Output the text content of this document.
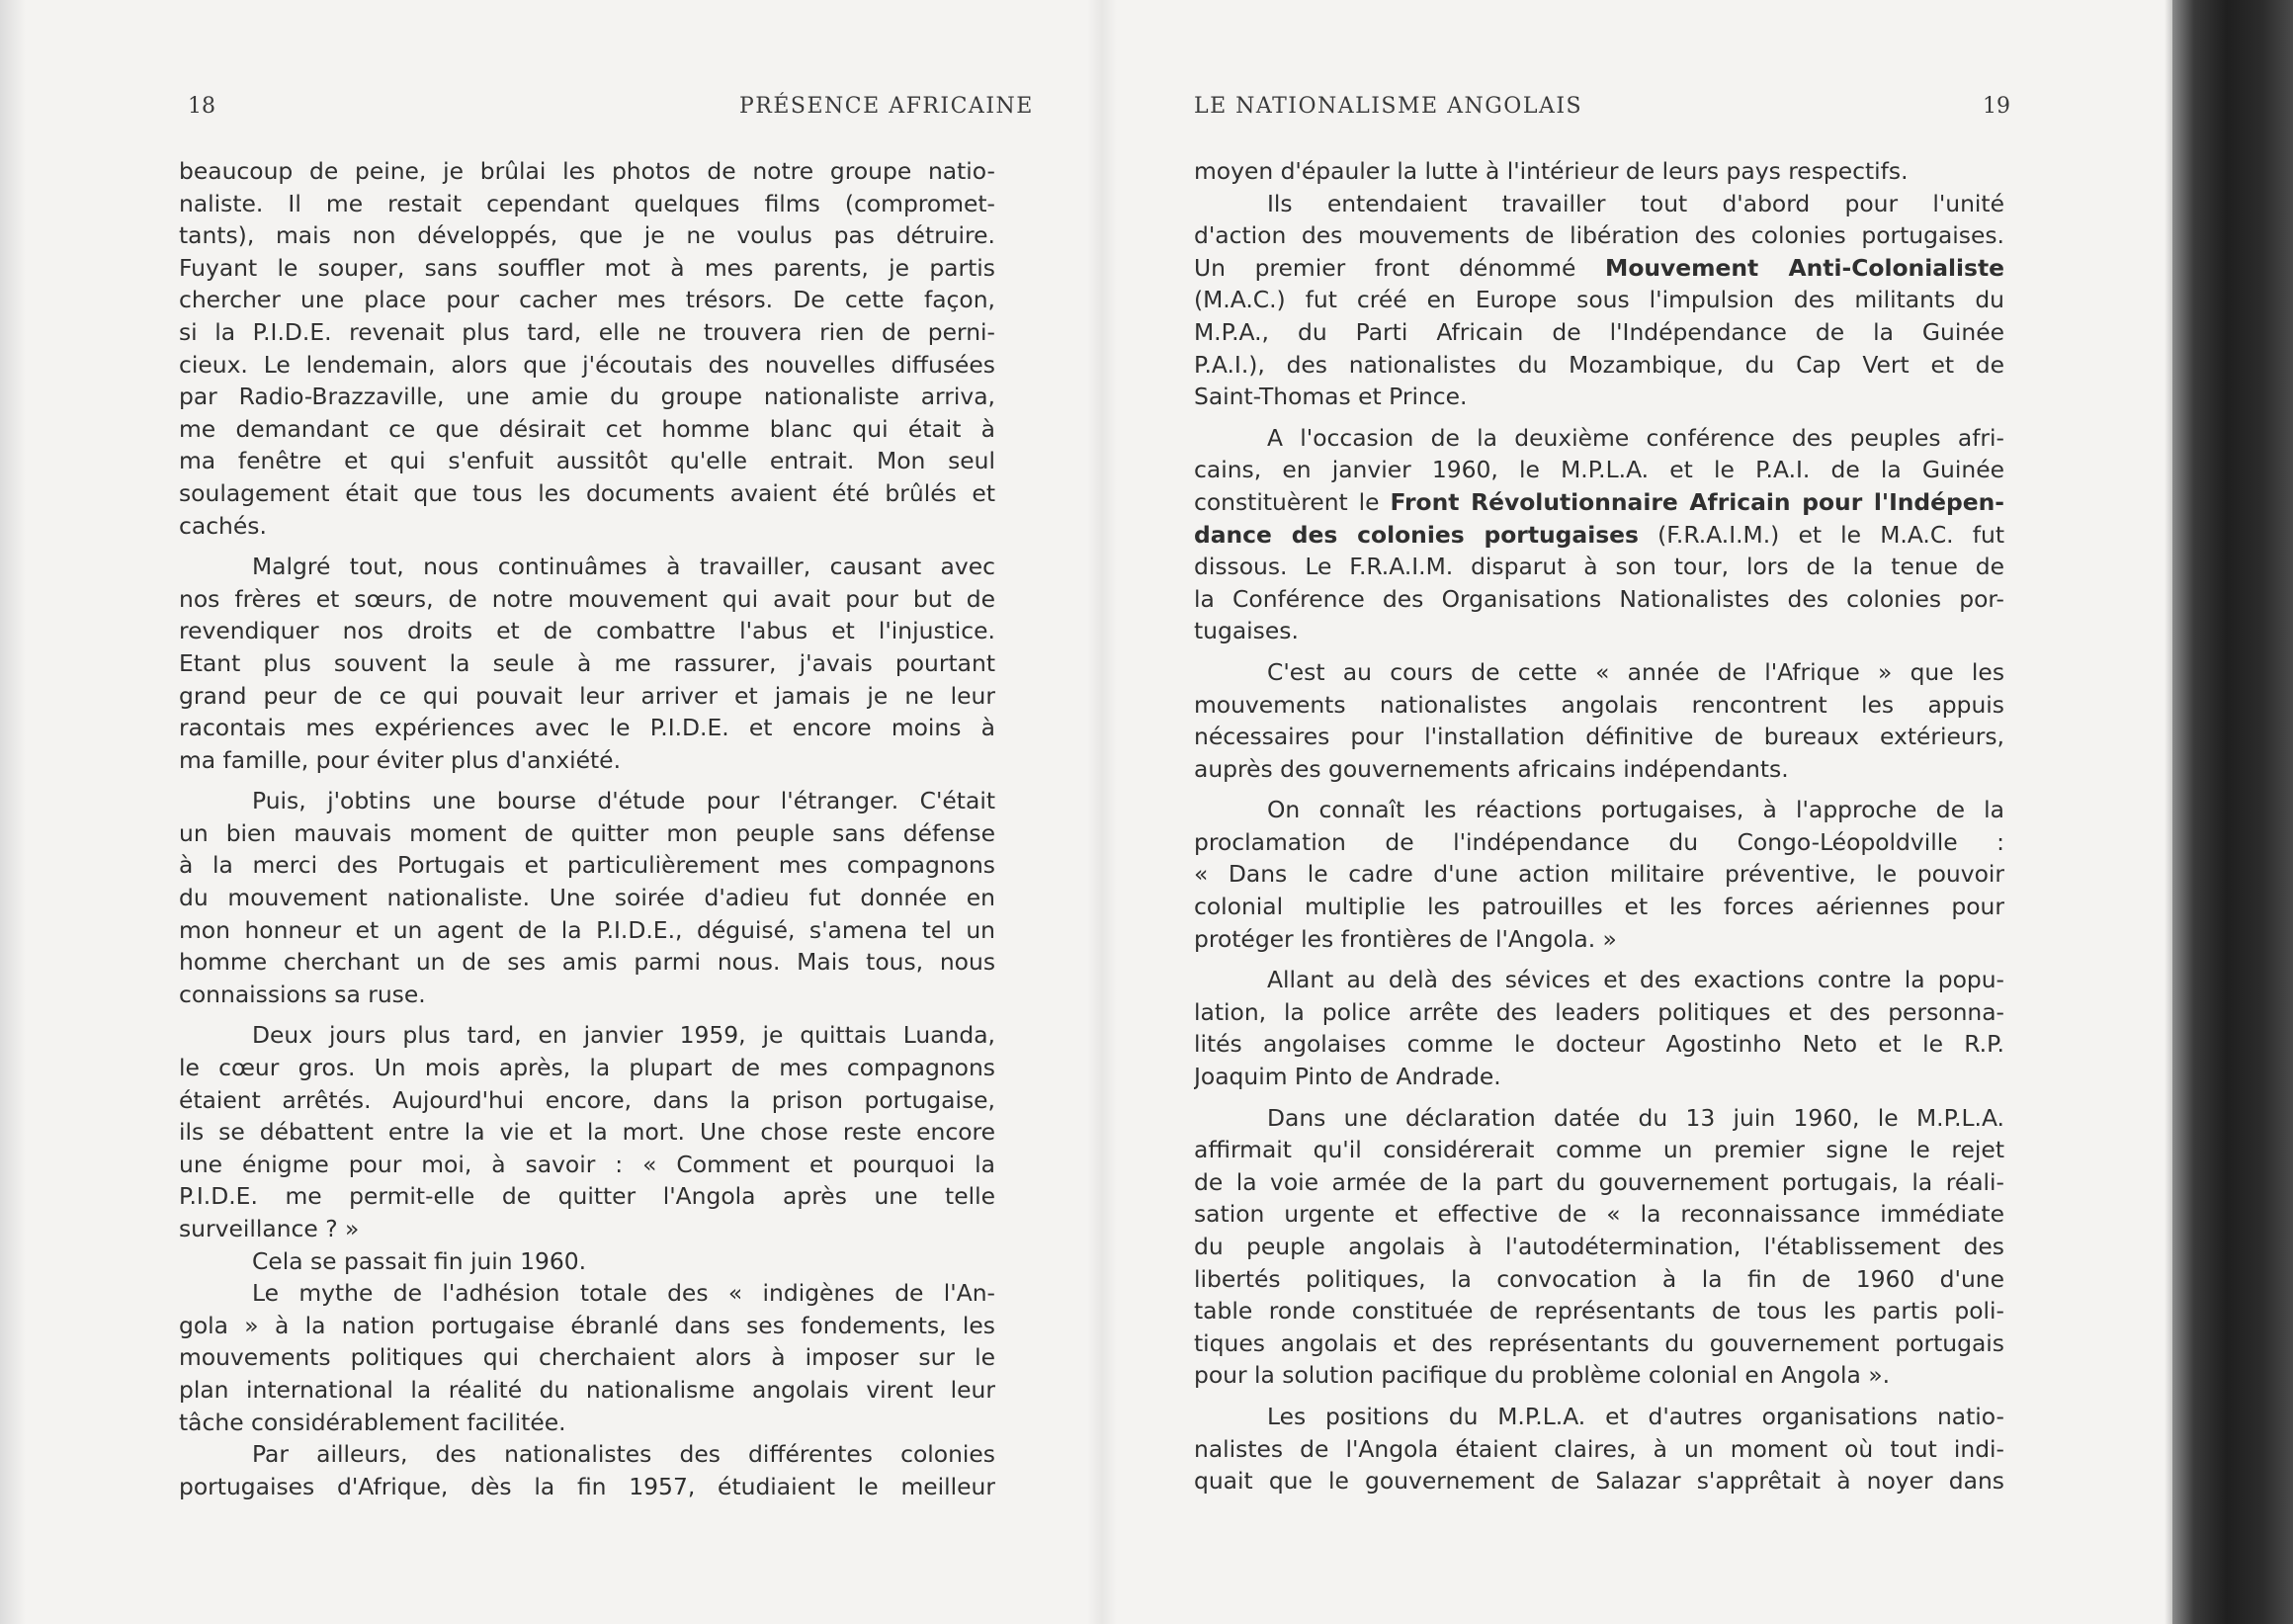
18	PRÉSENCE AFRICAINE
beaucoup de peine, je brûlai les photos de notre groupe natio-
naliste. Il me restait cependant quelques films (compromet-
tants), mais non développés, que je ne voulus pas détruire.
Fuyant le souper, sans souffler mot à mes parents, je partis
chercher une place pour cacher mes trésors. De cette façon,
si la P.I.D.E. revenait plus tard, elle ne trouvera rien de perni-
cieux. Le lendemain, alors que j'écoutais des nouvelles diffusées
par Radio-Brazzaville, une amie du groupe nationaliste arriva,
me demandant ce que désirait cet homme blanc qui était à
ma fenêtre et qui s'enfuit aussitôt qu'elle entrait. Mon seul
soulagement était que tous les documents avaient été brûlés et
cachés.
Malgré tout, nous continuâmes à travailler, causant avec
nos frères et sœurs, de notre mouvement qui avait pour but de
revendiquer nos droits et de combattre l'abus et l'injustice.
Etant plus souvent la seule à me rassurer, j'avais pourtant
grand peur de ce qui pouvait leur arriver et jamais je ne leur
racontais mes expériences avec le P.I.D.E. et encore moins à
ma famille, pour éviter plus d'anxiété.
Puis, j'obtins une bourse d'étude pour l'étranger. C'était
un bien mauvais moment de quitter mon peuple sans défense
à la merci des Portugais et particulièrement mes compagnons
du mouvement nationaliste. Une soirée d'adieu fut donnée en
mon honneur et un agent de la P.I.D.E., déguisé, s'amena tel un
homme cherchant un de ses amis parmi nous. Mais tous, nous
connaissions sa ruse.
Deux jours plus tard, en janvier 1959, je quittais Luanda,
le cœur gros. Un mois après, la plupart de mes compagnons
étaient arrêtés. Aujourd'hui encore, dans la prison portugaise,
ils se débattent entre la vie et la mort. Une chose reste encore
une énigme pour moi, à savoir : « Comment et pourquoi la
P.I.D.E. me permit-elle de quitter l'Angola après une telle
surveillance ? »
Cela se passait fin juin 1960.
Le mythe de l'adhésion totale des « indigènes de l'An-
gola » à la nation portugaise ébranlé dans ses fondements, les
mouvements politiques qui cherchaient alors à imposer sur le
plan international la réalité du nationalisme angolais virent leur
tâche considérablement facilitée.
Par ailleurs, des nationalistes des différentes colonies
portugaises d'Afrique, dès la fin 1957, étudiaient le meilleur
LE NATIONALISME ANGOLAIS	19
moyen d'épauler la lutte à l'intérieur de leurs pays respectifs.
Ils entendaient travailler tout d'abord pour l'unité
d'action des mouvements de libération des colonies portugaises.
Un premier front dénommé Mouvement Anti-Colonialiste
(M.A.C.) fut créé en Europe sous l'impulsion des militants du
M.P.A., du Parti Africain de l'Indépendance de la Guinée
P.A.I.), des nationalistes du Mozambique, du Cap Vert et de
Saint-Thomas et Prince.
A l'occasion de la deuxième conférence des peuples afri-
cains, en janvier 1960, le M.P.L.A. et le P.A.I. de la Guinée
constituèrent le Front Révolutionnaire Africain pour l'Indépen-
dance des colonies portugaises (F.R.A.I.M.) et le M.A.C. fut
dissous. Le F.R.A.I.M. disparut à son tour, lors de la tenue de
la Conférence des Organisations Nationalistes des colonies por-
tugaises.
C'est au cours de cette « année de l'Afrique » que les
mouvements nationalistes angolais rencontrent les appuis
nécessaires pour l'installation définitive de bureaux extérieurs,
auprès des gouvernements africains indépendants.
On connaît les réactions portugaises, à l'approche de la
proclamation de l'indépendance du Congo-Léopoldville :
« Dans le cadre d'une action militaire préventive, le pouvoir
colonial multiplie les patrouilles et les forces aériennes pour
protéger les frontières de l'Angola. »
Allant au delà des sévices et des exactions contre la popu-
lation, la police arrête des leaders politiques et des personna-
lités angolaises comme le docteur Agostinho Neto et le R.P.
Joaquim Pinto de Andrade.
Dans une déclaration datée du 13 juin 1960, le M.P.L.A.
affirmait qu'il considérerait comme un premier signe le rejet
de la voie armée de la part du gouvernement portugais, la réali-
sation urgente et effective de « la reconnaissance immédiate
du peuple angolais à l'autodétermination, l'établissement des
libertés politiques, la convocation à la fin de 1960 d'une
table ronde constituée de représentants de tous les partis poli-
tiques angolais et des représentants du gouvernement portugais
pour la solution pacifique du problème colonial en Angola ».
Les positions du M.P.L.A. et d'autres organisations natio-
nalistes de l'Angola étaient claires, à un moment où tout indi-
quait que le gouvernement de Salazar s'apprêtait à noyer dans
